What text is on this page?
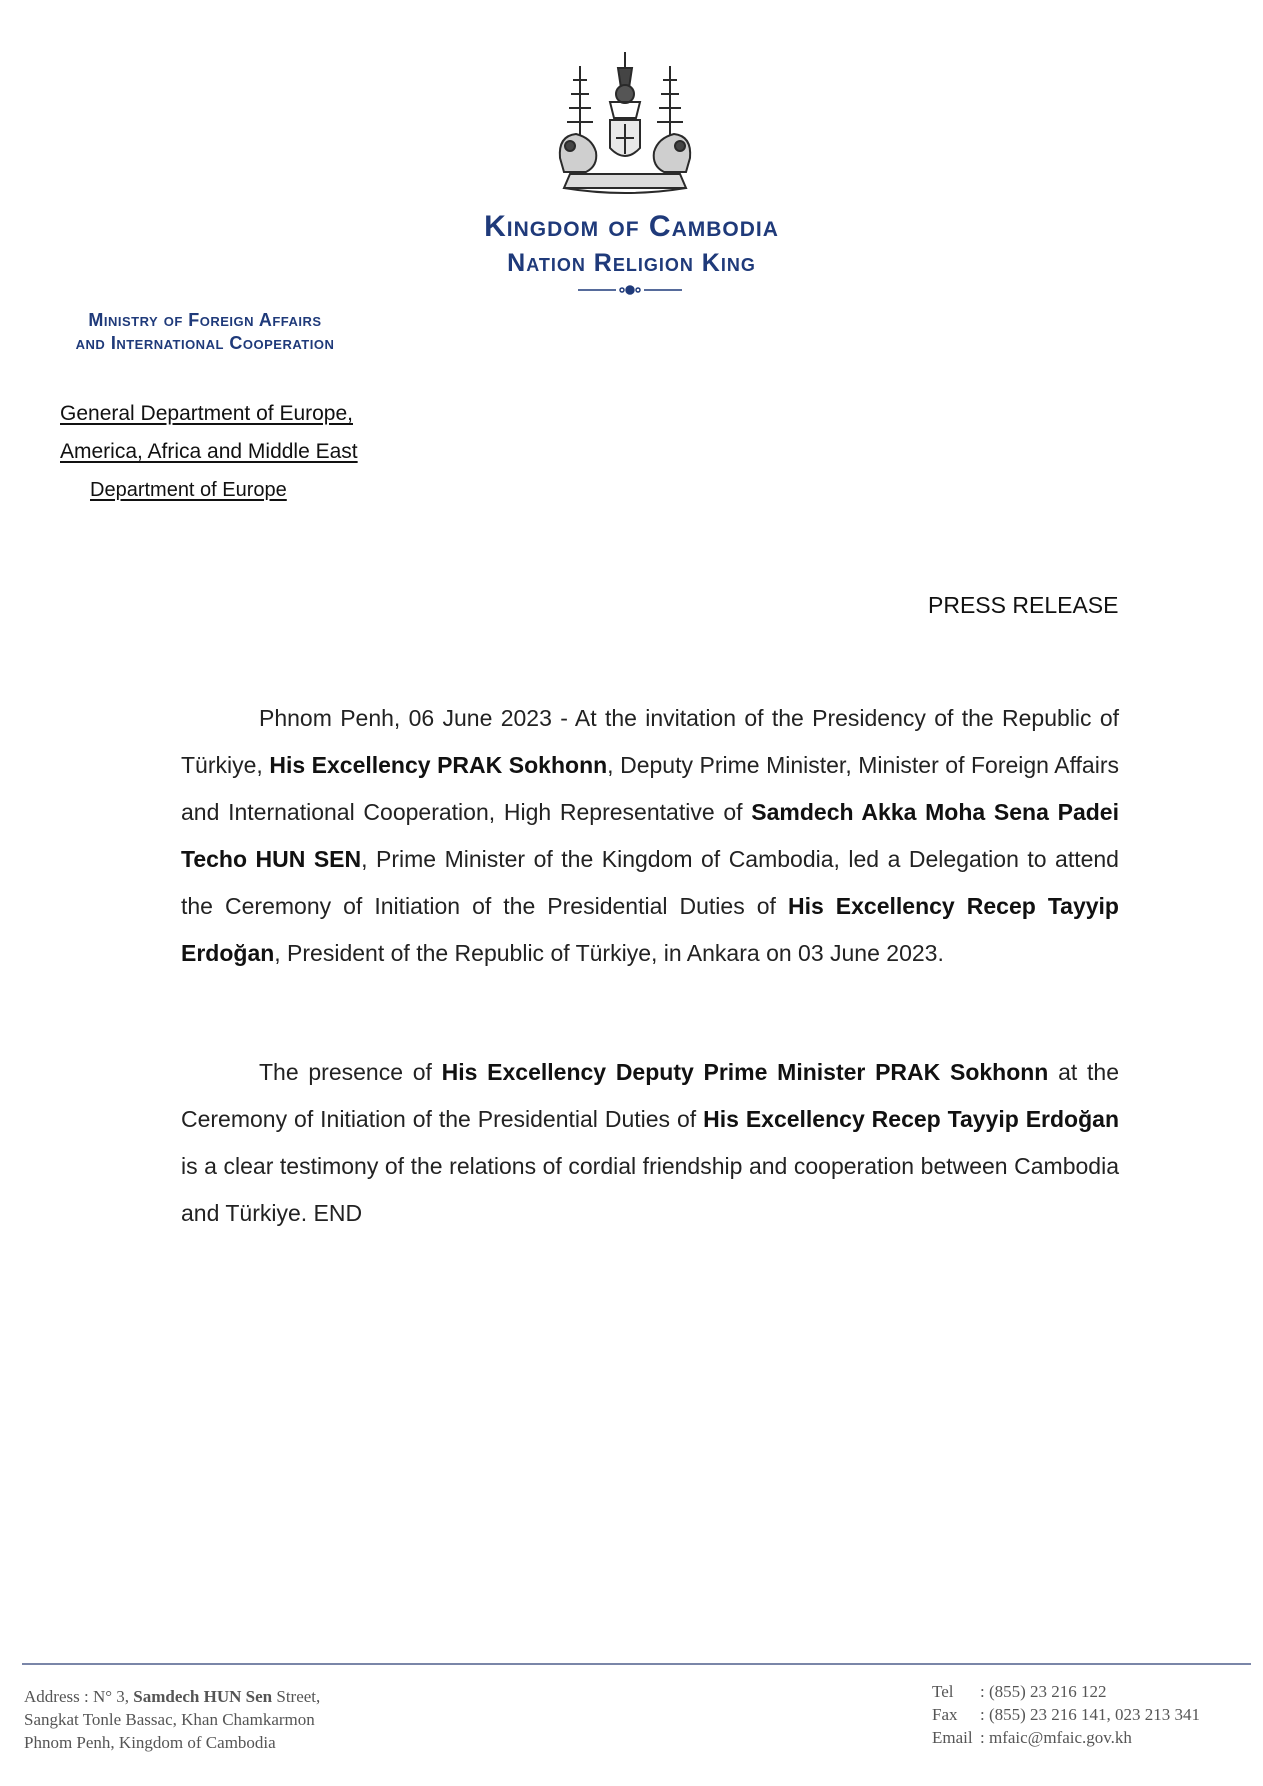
Kingdom of Cambodia
Nation Religion King
Ministry of Foreign Affairs
and International Cooperation
General Department of Europe,
America, Africa and Middle East
Department of Europe
PRESS RELEASE

Phnom Penh, 06 June 2023 - At the invitation of the Presidency of the Republic of Türkiye, His Excellency PRAK Sokhonn, Deputy Prime Minister, Minister of Foreign Affairs and International Cooperation, High Representative of Samdech Akka Moha Sena Padei Techo HUN SEN, Prime Minister of the Kingdom of Cambodia, led a Delegation to attend the Ceremony of Initiation of the Presidential Duties of His Excellency Recep Tayyip Erdoğan, President of the Republic of Türkiye, in Ankara on 03 June 2023.

The presence of His Excellency Deputy Prime Minister PRAK Sokhonn at the Ceremony of Initiation of the Presidential Duties of His Excellency Recep Tayyip Erdoğan is a clear testimony of the relations of cordial friendship and cooperation between Cambodia and Türkiye. END

Address : N° 3, Samdech HUN Sen Street,
Sangkat Tonle Bassac, Khan Chamkarmon
Phnom Penh, Kingdom of Cambodia
Tel	: (855) 23 216 122
Fax	: (855) 23 216 141, 023 213 341
Email : mfaic@mfaic.gov.kh
